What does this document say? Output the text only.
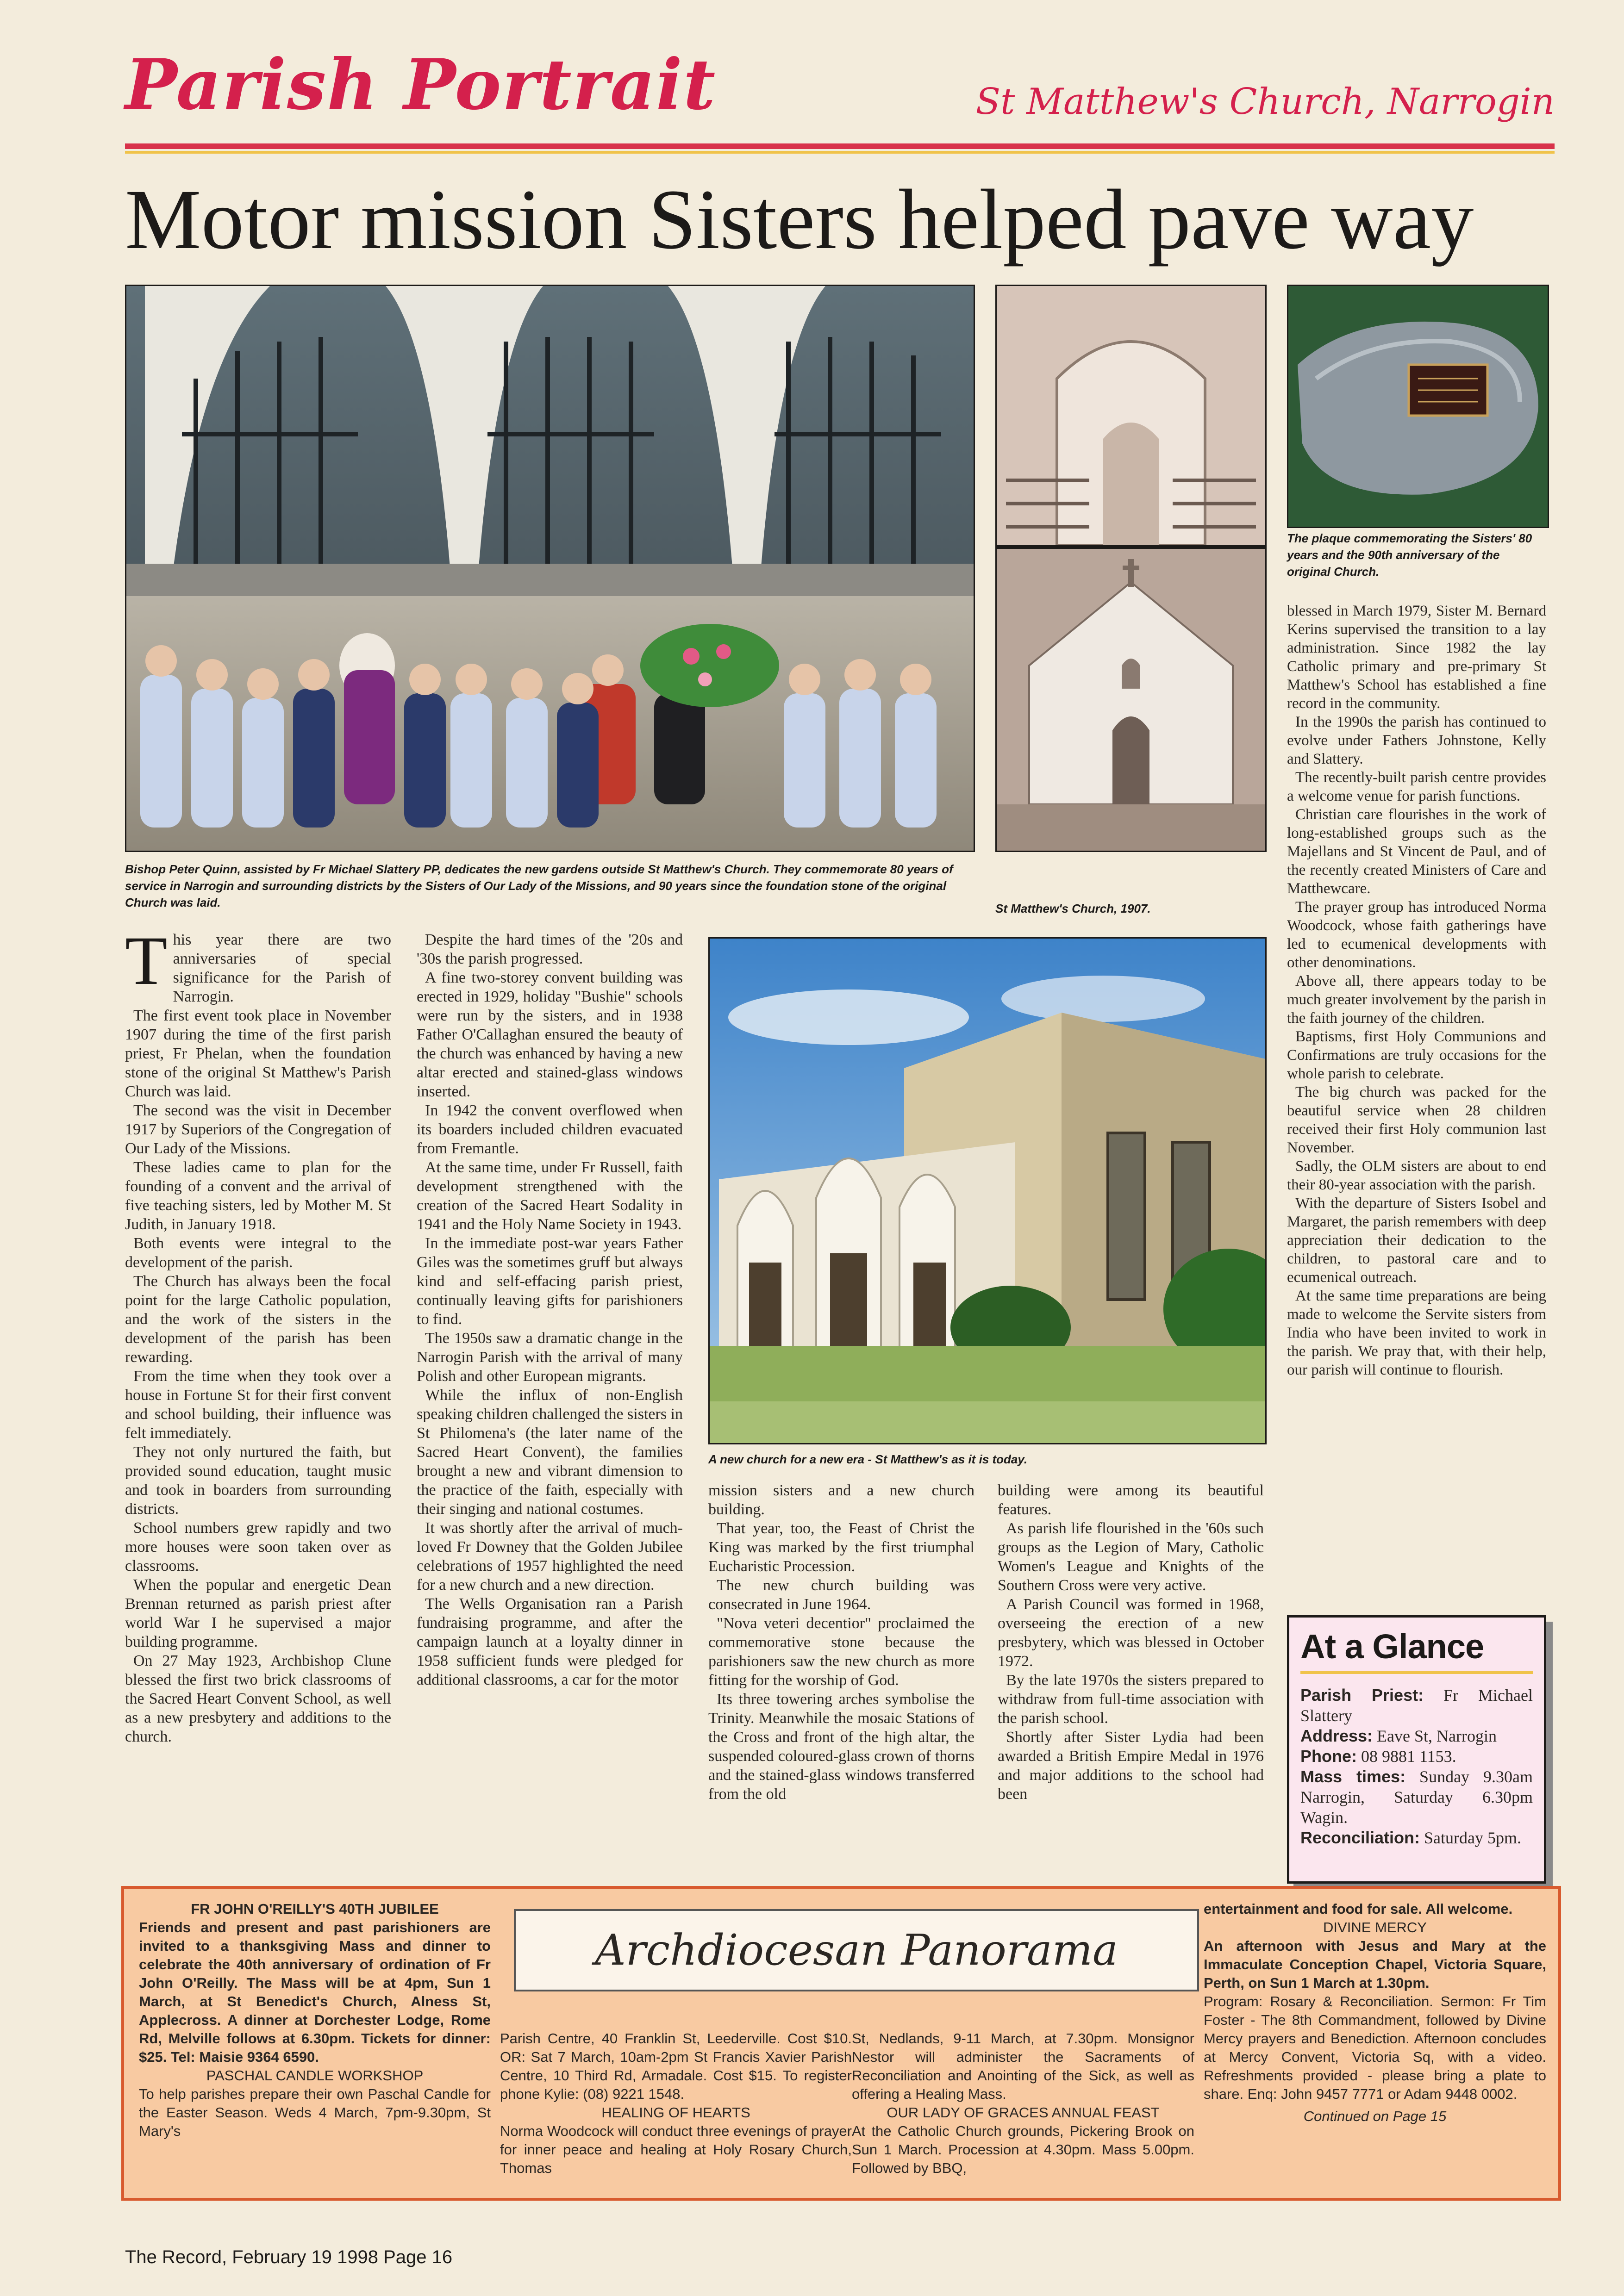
Parish Portrait	St Matthew's Church, Narrogin
Motor mission Sisters helped pave way
The plaque commemorating the Sisters' 80 years and the 90th anniversary of the original Church.
Bishop Peter Quinn, assisted by Fr Michael Slattery PP, dedicates the new gardens outside St Matthew's Church. They commemorate 80 years of service in Narrogin and surrounding districts by the Sisters of Our Lady of the Missions, and 90 years since the foundation stone of the original Church was laid.	St Matthew's Church, 1907.
A new church for a new era - St Matthew's as it is today.
T his year there are two anniversaries of special significance for the Parish of Narrogin.

The first event took place in November 1907 during the time of the first parish priest, Fr Phelan, when the foundation stone of the original St Matthew's Parish Church was laid.

The second was the visit in December 1917 by Superiors of the Congregation of Our Lady of the Missions.

These ladies came to plan for the founding of a convent and the arrival of five teaching sisters, led by Mother M. St Judith, in January 1918.

Both events were integral to the development of the parish.

The Church has always been the focal point for the large Catholic population, and the work of the sisters in the development of the parish has been rewarding.

From the time when they took over a house in Fortune St for their first convent and school building, their influence was felt immediately.

They not only nurtured the faith, but provided sound education, taught music and took in boarders from surrounding districts.

School numbers grew rapidly and two more houses were soon taken over as classrooms.

When the popular and energetic Dean Brennan returned as parish priest after world War I he supervised a major building programme.

On 27 May 1923, Archbishop Clune blessed the first two brick classrooms of the Sacred Heart Convent School, as well as a new presbytery and additions to the church.

Despite the hard times of the '20s and '30s the parish progressed.

A fine two-storey convent building was erected in 1929, holiday "Bushie" schools were run by the sisters, and in 1938 Father O'Callaghan ensured the beauty of the church was enhanced by having a new altar erected and stained-glass windows inserted.

In 1942 the convent overflowed when its boarders included children evacuated from Fremantle.

At the same time, under Fr Russell, faith development strengthened with the creation of the Sacred Heart Sodality in 1941 and the Holy Name Society in 1943.

In the immediate post-war years Father Giles was the sometimes gruff but always kind and self-effacing parish priest, continually leaving gifts for parishioners to find.

The 1950s saw a dramatic change in the Narrogin Parish with the arrival of many Polish and other European migrants.

While the influx of non-English speaking children challenged the sisters in St Philomena's (the later name of the Sacred Heart Convent), the families brought a new and vibrant dimension to the practice of the faith, especially with their singing and national costumes.

It was shortly after the arrival of much-loved Fr Downey that the Golden Jubilee celebrations of 1957 highlighted the need for a new church and a new direction.

The Wells Organisation ran a Parish fundraising programme, and after the campaign launch at a loyalty dinner in 1958 sufficient funds were pledged for additional classrooms, a car for the motor

mission sisters and a new church building.

That year, too, the Feast of Christ the King was marked by the first triumphal Eucharistic Procession.

The new church building was consecrated in June 1964.

"Nova veteri decentior" proclaimed the commemorative stone because the parishioners saw the new church as more fitting for the worship of God.

Its three towering arches symbolise the Trinity. Meanwhile the mosaic Stations of the Cross and front of the high altar, the suspended coloured-glass crown of thorns and the stained-glass windows transferred from the old

building were among its beautiful features.

As parish life flourished in the '60s such groups as the Legion of Mary, Catholic Women's League and Knights of the Southern Cross were very active.

A Parish Council was formed in 1968, overseeing the erection of a new presbytery, which was blessed in October 1972.

By the late 1970s the sisters prepared to withdraw from full-time association with the parish school.

Shortly after Sister Lydia had been awarded a British Empire Medal in 1976 and major additions to the school had been

blessed in March 1979, Sister M. Bernard Kerins supervised the transition to a lay administration. Since 1982 the lay Catholic primary and pre-primary St Matthew's School has established a fine record in the community.

In the 1990s the parish has continued to evolve under Fathers Johnstone, Kelly and Slattery.

The recently-built parish centre provides a welcome venue for parish functions.

Christian care flourishes in the work of long-established groups such as the Majellans and St Vincent de Paul, and of the recently created Ministers of Care and Matthewcare.

The prayer group has introduced Norma Woodcock, whose faith gatherings have led to ecumenical developments with other denominations.

Above all, there appears today to be much greater involvement by the parish in the faith journey of the children.

Baptisms, first Holy Communions and Confirmations are truly occasions for the whole parish to celebrate.

The big church was packed for the beautiful service when 28 children received their first Holy communion last November.

Sadly, the OLM sisters are about to end their 80-year association with the parish.

With the departure of Sisters Isobel and Margaret, the parish remembers with deep appreciation their dedication to the children, to pastoral care and to ecumenical outreach.

At the same time preparations are being made to welcome the Servite sisters from India who have been invited to work in the parish. We pray that, with their help, our parish will continue to flourish.

At a Glance
Parish Priest: Fr Michael Slattery
Address: Eave St, Narrogin
Phone: 08 9881 1153.
Mass times: Sunday 9.30am Narrogin, Saturday 6.30pm Wagin.
Reconciliation: Saturday 5pm.
Archdiocesan Panorama

FR JOHN O'REILLY'S 40TH JUBILEE

Friends and present and past parishioners are invited to a thanksgiving Mass and dinner to celebrate the 40th anniversary of ordination of Fr John O'Reilly. The Mass will be at 4pm, Sun 1 March, at St Benedict's Church, Alness St, Applecross. A dinner at Dorchester Lodge, Rome Rd, Melville follows at 6.30pm. Tickets for dinner: $25. Tel: Maisie 9364 6590.

PASCHAL CANDLE WORKSHOP

To help parishes prepare their own Paschal Candle for the Easter Season. Weds 4 March, 7pm-9.30pm, St Mary's

Parish Centre, 40 Franklin St, Leederville. Cost $10. OR: Sat 7 March, 10am-2pm St Francis Xavier Parish Centre, 10 Third Rd, Armadale. Cost $15. To register phone Kylie: (08) 9221 1548.

HEALING OF HEARTS

Norma Woodcock will conduct three evenings of prayer for inner peace and healing at Holy Rosary Church, Thomas

St, Nedlands, 9-11 March, at 7.30pm. Monsignor Nestor will administer the Sacraments of Reconciliation and Anointing of the Sick, as well as offering a Healing Mass.

OUR LADY OF GRACES ANNUAL FEAST

At the Catholic Church grounds, Pickering Brook on Sun 1 March. Procession at 4.30pm. Mass 5.00pm. Followed by BBQ,

entertainment and food for sale. All welcome.

DIVINE MERCY

An afternoon with Jesus and Mary at the Immaculate Conception Chapel, Victoria Square, Perth, on Sun 1 March at 1.30pm.

Program: Rosary & Reconciliation. Sermon: Fr Tim Foster - The 8th Commandment, followed by Divine Mercy prayers and Benediction. Afternoon concludes at Mercy Convent, Victoria Sq, with a video. Refreshments provided - please bring a plate to share. Enq: John 9457 7771 or Adam 9448 0002.

Continued on Page 15

The Record, February 19 1998 Page 16
